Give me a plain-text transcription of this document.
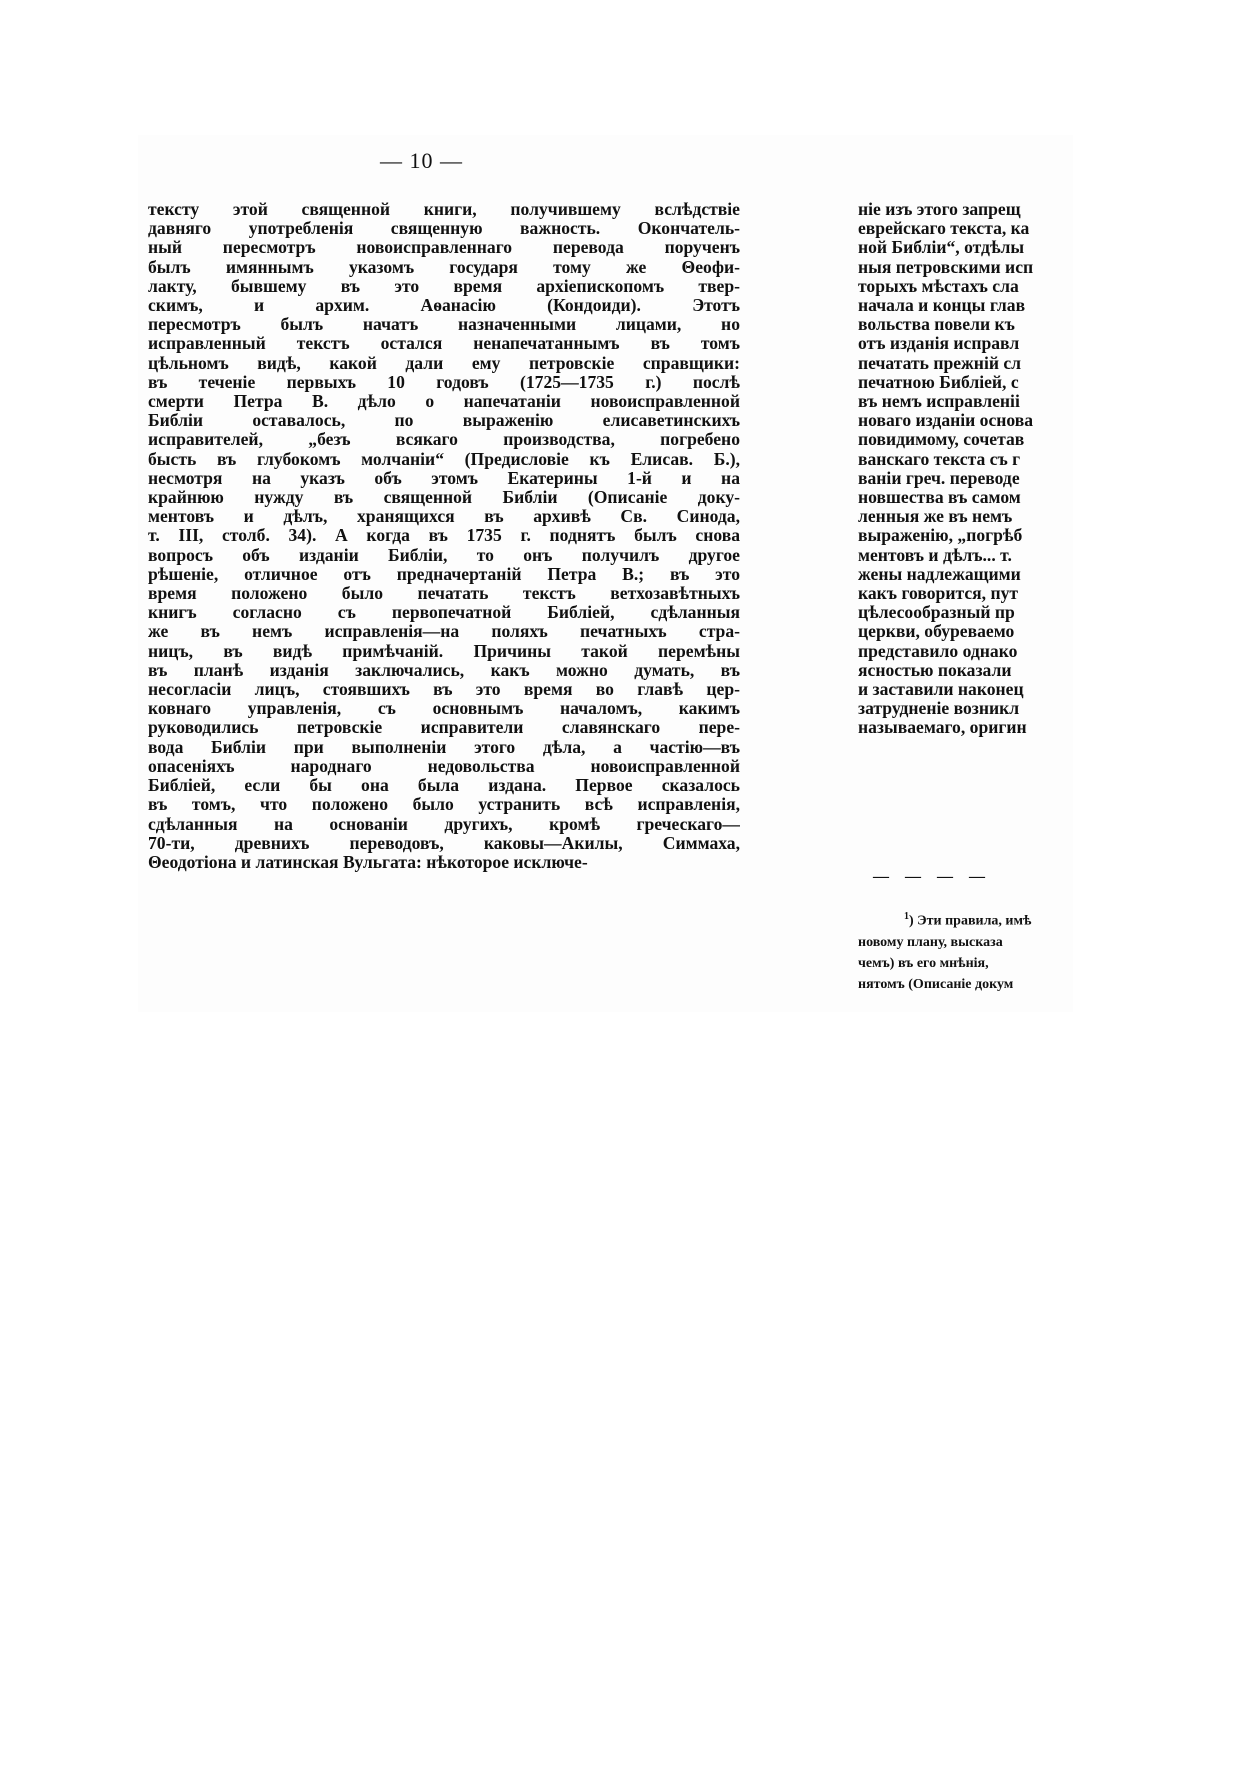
— 10 —
тексту этой священной книги, получившему вслѣдствіе
давняго употребленія священную важность. Окончатель-
ный пересмотръ новоисправленнаго перевода порученъ
былъ имяннымъ указомъ государя тому же Θеофи-
лакту, бывшему въ это время архіепископомъ твер-
скимъ, и архим. Аѳанасію (Кондоиди). Этотъ
пересмотръ былъ начатъ назначенными лицами, но
исправленный текстъ остался ненапечатаннымъ въ томъ
цѣльномъ видѣ, какой дали ему петровскіе справщики:
въ теченіе первыхъ 10 годовъ (1725—1735 г.) послѣ
смерти Петра В. дѣло о напечатаніи новоисправленной
Библіи оставалось, по выраженію елисаветинскихъ
исправителей, „безъ всякаго производства, погребено
бысть въ глубокомъ молчаніи“ (Предисловіе къ Елисав. Б.),
несмотря на указъ объ этомъ Екатерины 1-й и на
крайнюю нужду въ священной Библіи (Описаніе доку-
ментовъ и дѣлъ, хранящихся въ архивѣ Св. Синода,
т. III, столб. 34). А когда въ 1735 г. поднятъ былъ снова
вопросъ объ изданіи Библіи, то онъ получилъ другое
рѣшеніе, отличное отъ предначертаній Петра В.; въ это
время положено было печатать текстъ ветхозавѣтныхъ
книгъ согласно съ первопечатной Библіей, сдѣланныя
же въ немъ исправленія—на поляхъ печатныхъ стра-
ницъ, въ видѣ примѣчаній. Причины такой перемѣны
въ планѣ изданія заключались, какъ можно думать, въ
несогласіи лицъ, стоявшихъ въ это время во главѣ цер-
ковнаго управленія, съ основнымъ началомъ, какимъ
руководились петровскіе исправители славянскаго пере-
вода Библіи при выполненіи этого дѣла, а частію—въ
опасеніяхъ народнаго недовольства новоисправленной
Библіей, если бы она была издана. Первое сказалось
въ томъ, что положено было устранить всѣ исправленія,
сдѣланныя на основаніи другихъ, кромѣ греческаго—
70-ти, древнихъ переводовъ, каковы—Акилы, Симмаха,
Θеодотіона и латинская Вульгата: нѣкоторое исключе-
ніе изъ этого запрещ
еврейскаго текста, ка
ной Библіи“, отдѣлы
ныя петровскими исп
торыхъ мѣстахъ сла
начала и концы глав
вольства повели къ
отъ изданія исправл
печатать прежній сл
печатною Библіей, с
въ немъ исправленіі
новаго изданіи основа
повидимому, сочетав
ванскаго текста съ г
ваніи греч. переводе
новшества въ самом
ленныя же въ немъ
выраженію, „погрѣб
ментовъ и дѣлъ... т.
жены надлежащими
какъ говорится, пут
цѣлесообразный пр
церкви, обуреваемо
представило однако
ясностью показали
и заставили наконец
затрудненіе возникл
называемаго, оригин
— — — —
$^1$) Эти правила, имѣ
новому плану, высказа
чемъ) въ его мнѣнія,
нятомъ (Описаніе докум
